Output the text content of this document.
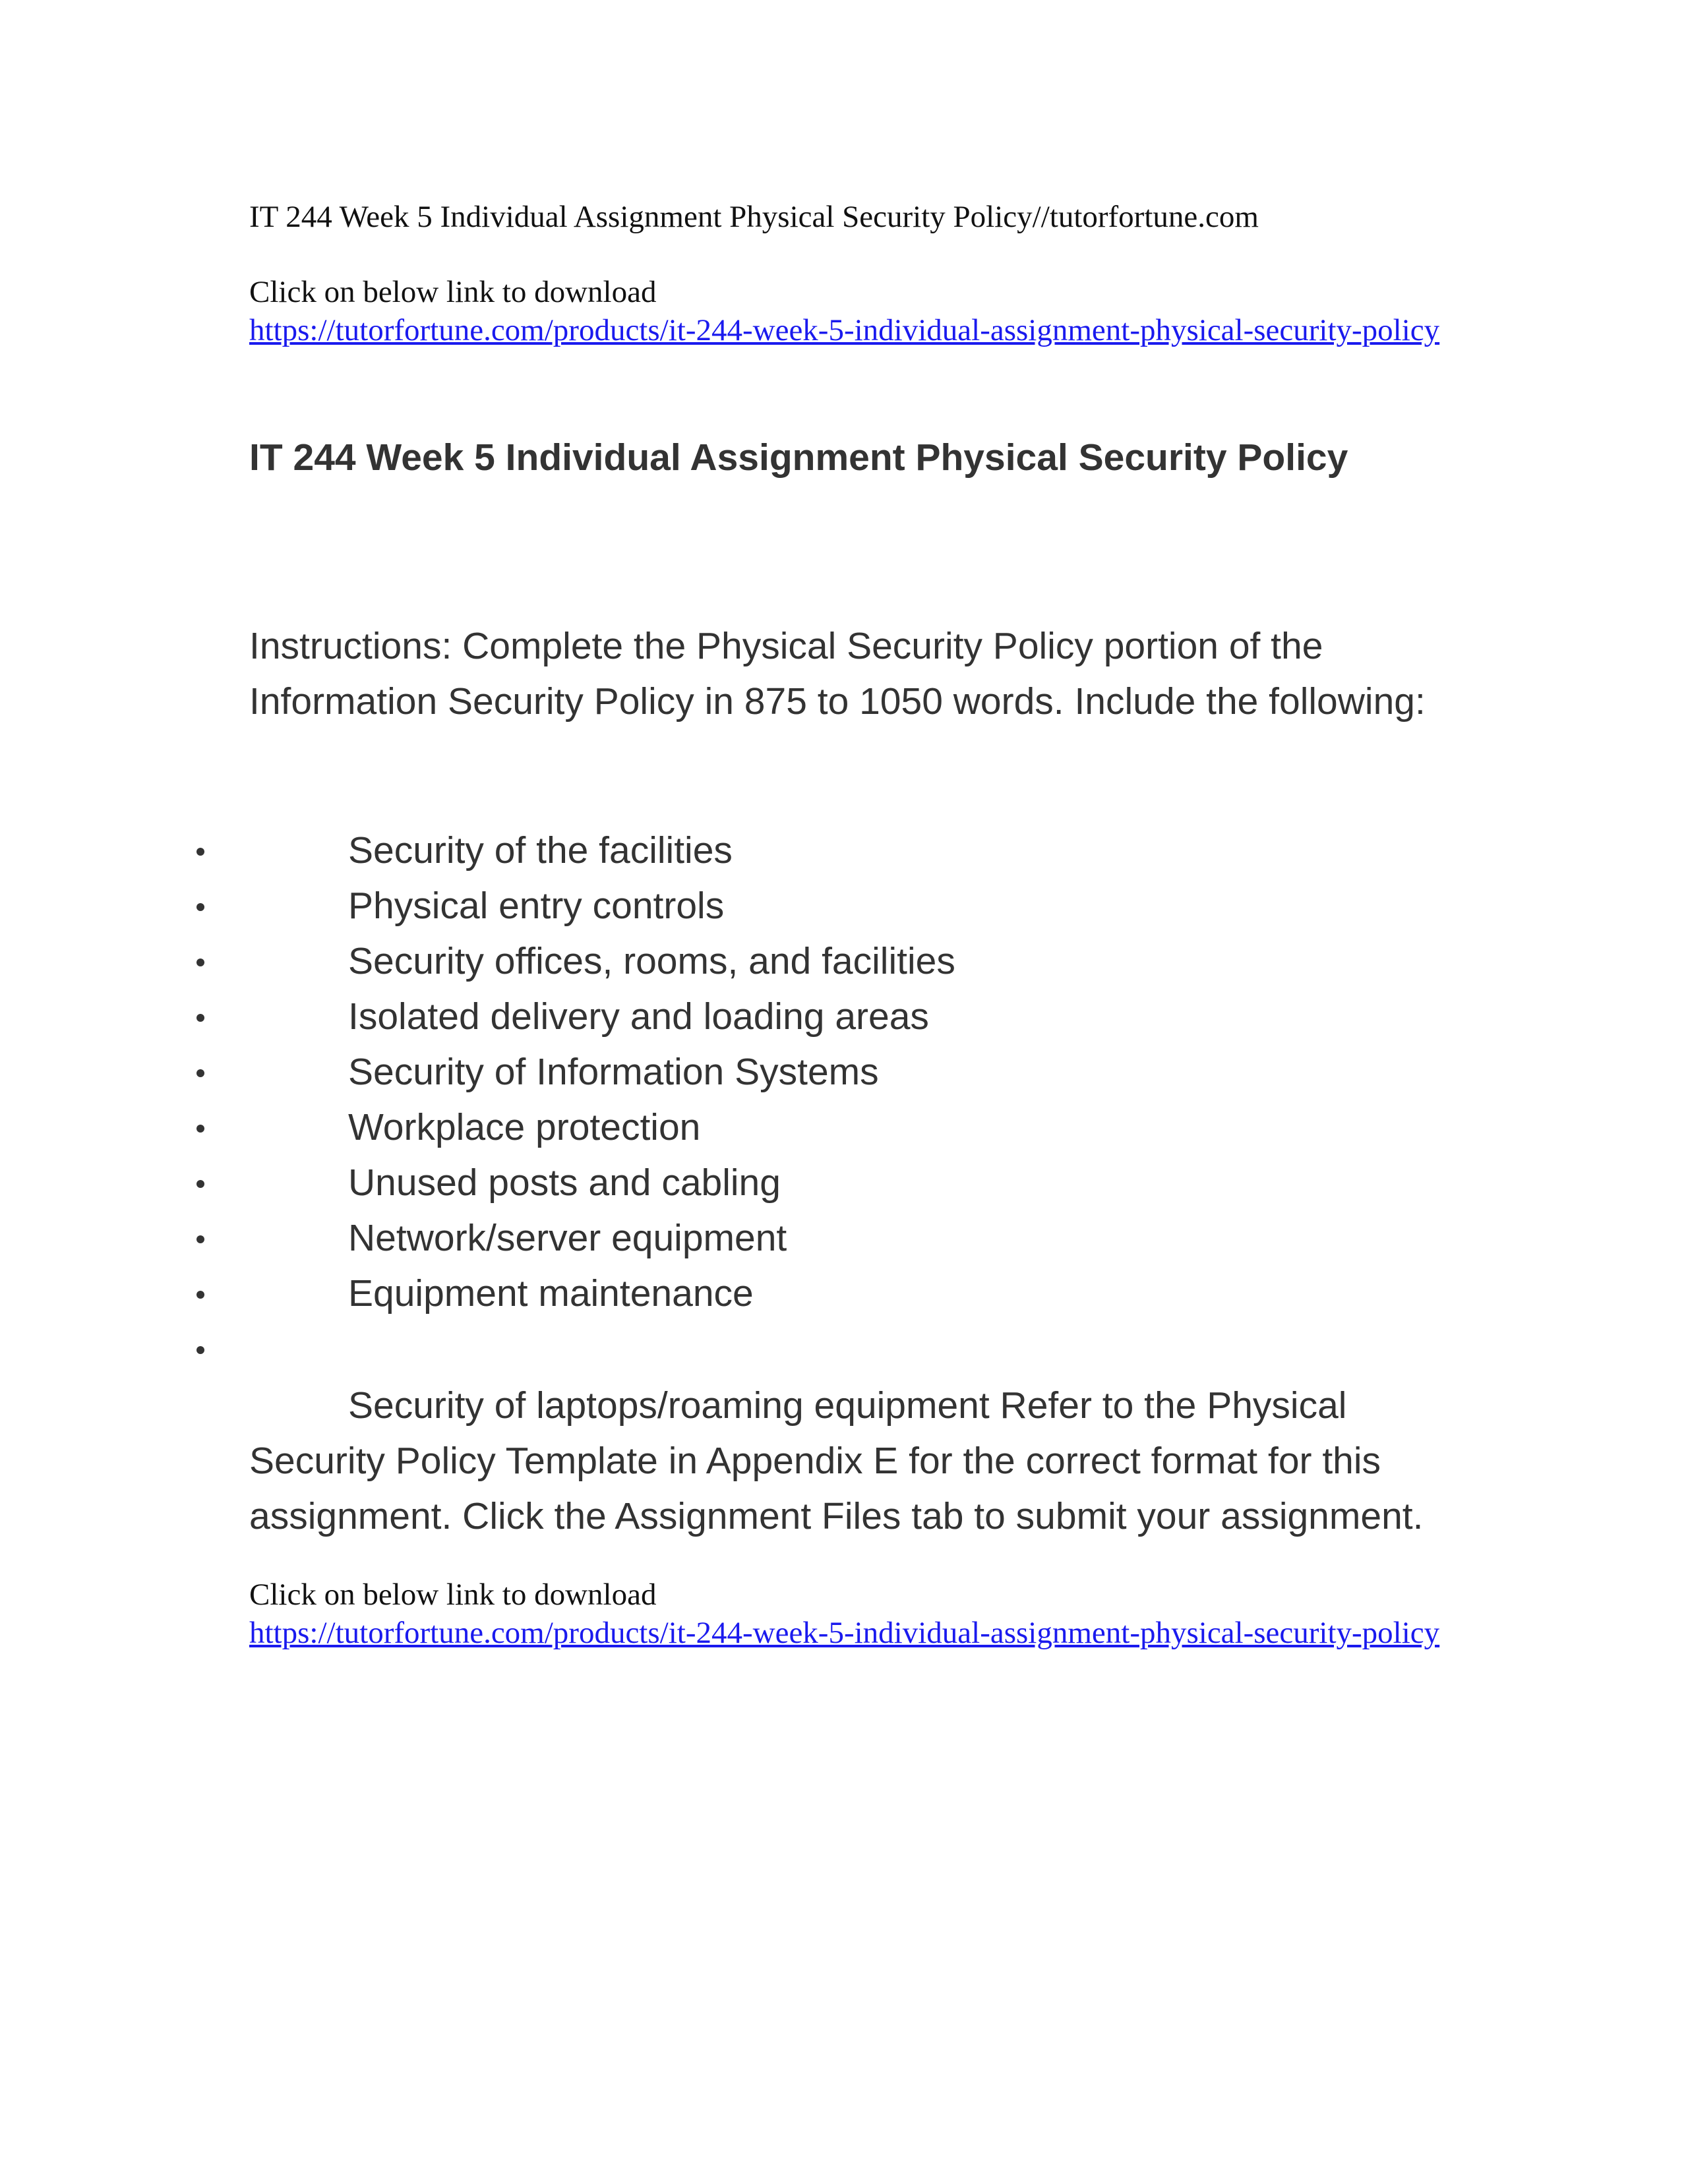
IT 244 Week 5 Individual Assignment Physical Security Policy//tutorfortune.com

Click on below link to download
https://tutorfortune.com/products/it-244-week-5-individual-assignment-physical-security-policy
IT 244 Week 5 Individual Assignment Physical Security Policy

Instructions: Complete the Physical Security Policy portion of the Information Security Policy in 875 to 1050 words. Include the following:

Security of the facilities
Physical entry controls
Security offices, rooms, and facilities
Isolated delivery and loading areas
Security of Information Systems
Workplace protection
Unused posts and cabling
Network/server equipment
Equipment maintenance

Security of laptops/roaming equipment Refer to the Physical Security Policy Template in Appendix E for the correct format for this assignment. Click the Assignment Files tab to submit your assignment.

Click on below link to download
https://tutorfortune.com/products/it-244-week-5-individual-assignment-physical-security-policy
